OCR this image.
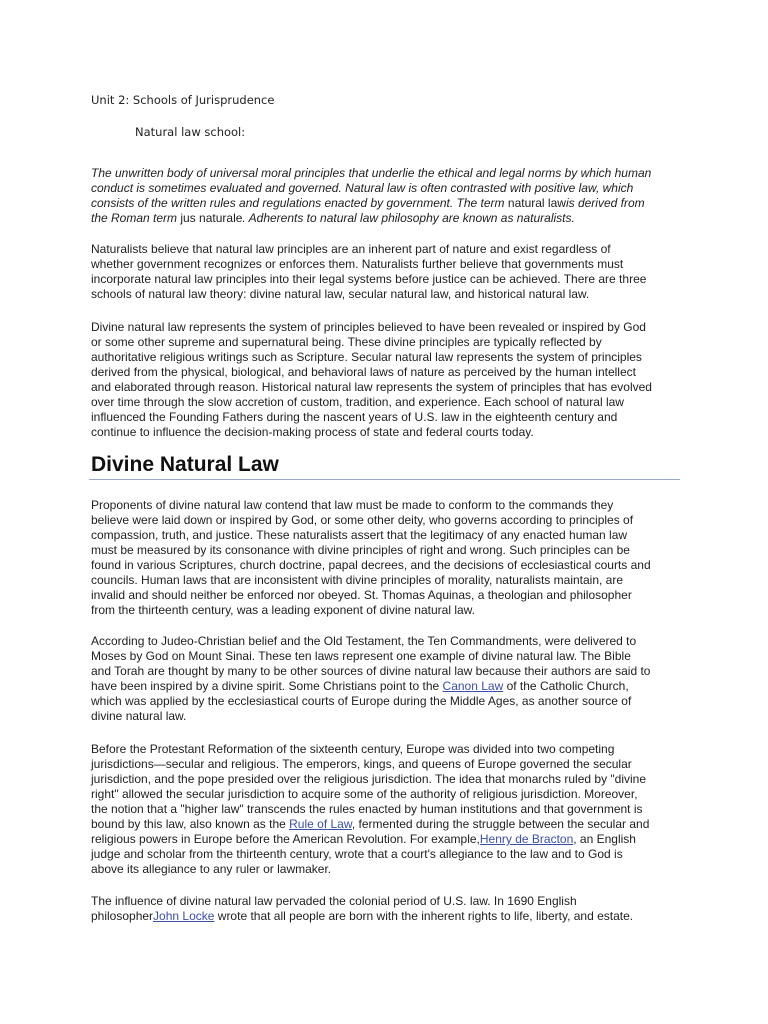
Unit 2: Schools of Jurisprudence
Natural law school:

The unwritten body of universal moral principles that underlie the ethical and legal norms by which human

conduct is sometimes evaluated and governed. Natural law is often contrasted with positive law, which

consists of the written rules and regulations enacted by government. The term natural lawis derived from

the Roman term jus naturale. Adherents to natural law philosophy are known as naturalists.

Naturalists believe that natural law principles are an inherent part of nature and exist regardless of

whether government recognizes or enforces them. Naturalists further believe that governments must

incorporate natural law principles into their legal systems before justice can be achieved. There are three

schools of natural law theory: divine natural law, secular natural law, and historical natural law.

Divine natural law represents the system of principles believed to have been revealed or inspired by God

or some other supreme and supernatural being. These divine principles are typically reflected by

authoritative religious writings such as Scripture. Secular natural law represents the system of principles

derived from the physical, biological, and behavioral laws of nature as perceived by the human intellect

and elaborated through reason. Historical natural law represents the system of principles that has evolved

over time through the slow accretion of custom, tradition, and experience. Each school of natural law

influenced the Founding Fathers during the nascent years of U.S. law in the eighteenth century and

continue to influence the decision-making process of state and federal courts today.

Divine Natural Law

Proponents of divine natural law contend that law must be made to conform to the commands they

believe were laid down or inspired by God, or some other deity, who governs according to principles of

compassion, truth, and justice. These naturalists assert that the legitimacy of any enacted human law

must be measured by its consonance with divine principles of right and wrong. Such principles can be

found in various Scriptures, church doctrine, papal decrees, and the decisions of ecclesiastical courts and

councils. Human laws that are inconsistent with divine principles of morality, naturalists maintain, are

invalid and should neither be enforced nor obeyed. St. Thomas Aquinas, a theologian and philosopher

from the thirteenth century, was a leading exponent of divine natural law.

According to Judeo-Christian belief and the Old Testament, the Ten Commandments, were delivered to

Moses by God on Mount Sinai. These ten laws represent one example of divine natural law. The Bible

and Torah are thought by many to be other sources of divine natural law because their authors are said to

have been inspired by a divine spirit. Some Christians point to the Canon Law of the Catholic Church,

which was applied by the ecclesiastical courts of Europe during the Middle Ages, as another source of

divine natural law.

Before the Protestant Reformation of the sixteenth century, Europe was divided into two competing

jurisdictions—secular and religious. The emperors, kings, and queens of Europe governed the secular

jurisdiction, and the pope presided over the religious jurisdiction. The idea that monarchs ruled by "divine

right" allowed the secular jurisdiction to acquire some of the authority of religious jurisdiction. Moreover,

the notion that a "higher law" transcends the rules enacted by human institutions and that government is

bound by this law, also known as the Rule of Law, fermented during the struggle between the secular and

religious powers in Europe before the American Revolution. For example,Henry de Bracton, an English

judge and scholar from the thirteenth century, wrote that a court's allegiance to the law and to God is

above its allegiance to any ruler or lawmaker.

The influence of divine natural law pervaded the colonial period of U.S. law. In 1690 English

philosopherJohn Locke wrote that all people are born with the inherent rights to life, liberty, and estate.
